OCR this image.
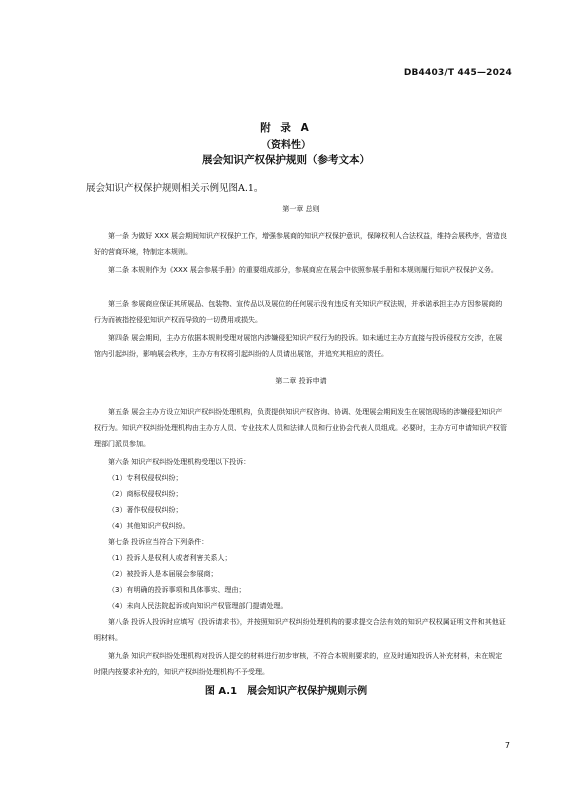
DB4403/T 445—2024
附 录 A
（资料性）
展会知识产权保护规则（参考文本）
展会知识产权保护规则相关示例见图A.1。
第一章 总则

第一条 为做好 XXX 展会期间知识产权保护工作，增强参展商的知识产权保护意识，保障权利人合法权益，维持会展秩序，营造良好的营商环境，特制定本规则。

第二条 本规则作为《XXX 展会参展手册》的重要组成部分，参展商应在展会中依照参展手册和本规则履行知识产权保护义务。

第三条 参展商应保证其所展品、包装物、宣传品以及展位的任何展示没有违反有关知识产权法规，并承诺承担主办方因参展商的行为而被指控侵犯知识产权而导致的一切费用或损失。

第四条 展会期间，主办方依据本规则受理对展馆内涉嫌侵犯知识产权行为的投诉。如未通过主办方直接与投诉侵权方交涉，在展馆内引起纠纷，影响展会秩序，主办方有权将引起纠纷的人员请出展馆，并追究其相应的责任。

第二章 投诉申请

第五条 展会主办方设立知识产权纠纷处理机构，负责提供知识产权咨询、协调、处理展会期间发生在展馆现场的涉嫌侵犯知识产权行为。知识产权纠纷处理机构由主办方人员、专业技术人员和法律人员和行业协会代表人员组成。必要时，主办方可申请知识产权管理部门派员参加。

第六条 知识产权纠纷处理机构受理以下投诉：
（1）专利权侵权纠纷；
（2）商标权侵权纠纷；
（3）著作权侵权纠纷；
（4）其他知识产权纠纷。
第七条 投诉应当符合下列条件：
（1）投诉人是权利人或者利害关系人；
（2）被投诉人是本届展会参展商；
（3）有明确的投诉事项和具体事实、理由；
（4）未向人民法院起诉或向知识产权管理部门提请处理。

第八条 投诉人投诉时应填写《投诉请求书》，并按照知识产权纠纷处理机构的要求提交合法有效的知识产权权属证明文件和其他证明材料。

第九条 知识产权纠纷处理机构对投诉人提交的材料进行初步审核，不符合本规则要求的，应及时通知投诉人补充材料，未在规定时限内按要求补充的，知识产权纠纷处理机构不予受理。

图 A.1　展会知识产权保护规则示例
7
